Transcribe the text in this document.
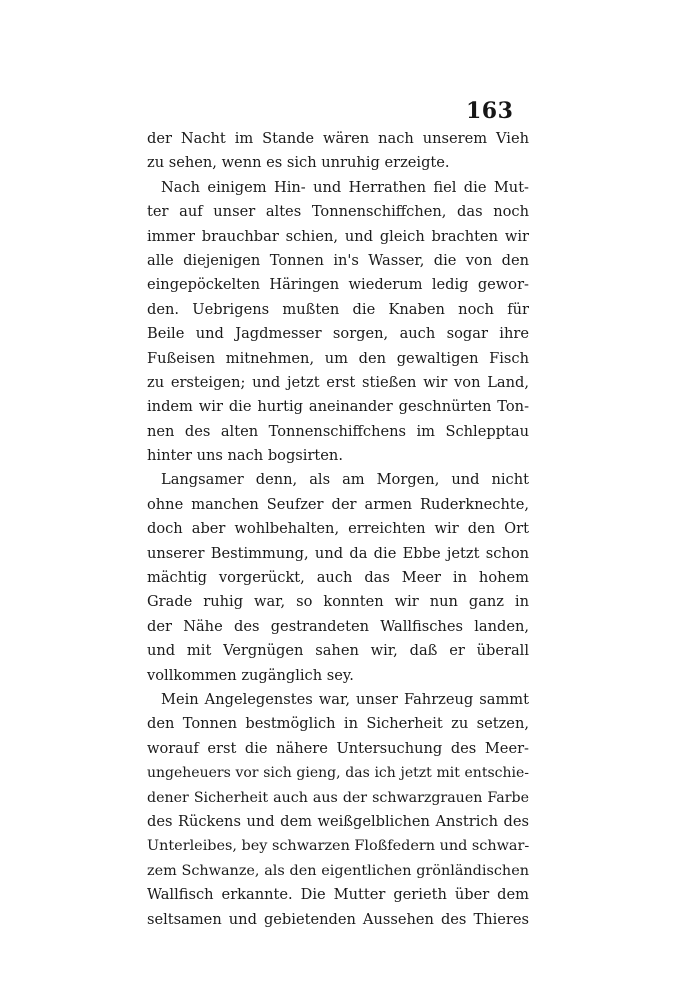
163
der Nacht im Stande wären nach unserem Vieh
zu sehen, wenn es sich unruhig erzeigte.
Nach einigem Hin- und Herrathen fiel die Mut-
ter auf unser altes Tonnenschiffchen, das noch
immer brauchbar schien, und gleich brachten wir
alle diejenigen Tonnen in's Wasser, die von den
eingepöckelten Häringen wiederum ledig gewor-
den. Uebrigens mußten die Knaben noch für
Beile und Jagdmesser sorgen, auch sogar ihre
Fußeisen mitnehmen, um den gewaltigen Fisch
zu ersteigen; und jetzt erst stießen wir von Land,
indem wir die hurtig aneinander geschnürten Ton-
nen des alten Tonnenschiffchens im Schlepptau
hinter uns nach bogsirten.
Langsamer denn, als am Morgen, und nicht
ohne manchen Seufzer der armen Ruderknechte,
doch aber wohlbehalten, erreichten wir den Ort
unserer Bestimmung, und da die Ebbe jetzt schon
mächtig vorgerückt, auch das Meer in hohem
Grade ruhig war, so konnten wir nun ganz in
der Nähe des gestrandeten Wallfisches landen,
und mit Vergnügen sahen wir, daß er überall
vollkommen zugänglich sey.
Mein Angelegenstes war, unser Fahrzeug sammt
den Tonnen bestmöglich in Sicherheit zu setzen,
worauf erst die nähere Untersuchung des Meer-
ungeheuers vor sich gieng, das ich jetzt mit entschie-
dener Sicherheit auch aus der schwarzgrauen Farbe
des Rückens und dem weißgelblichen Anstrich des
Unterleibes, bey schwarzen Floßfedern und schwar-
zem Schwanze, als den eigentlichen grönländischen
Wallfisch erkannte. Die Mutter gerieth über dem
seltsamen und gebietenden Aussehen des Thieres
